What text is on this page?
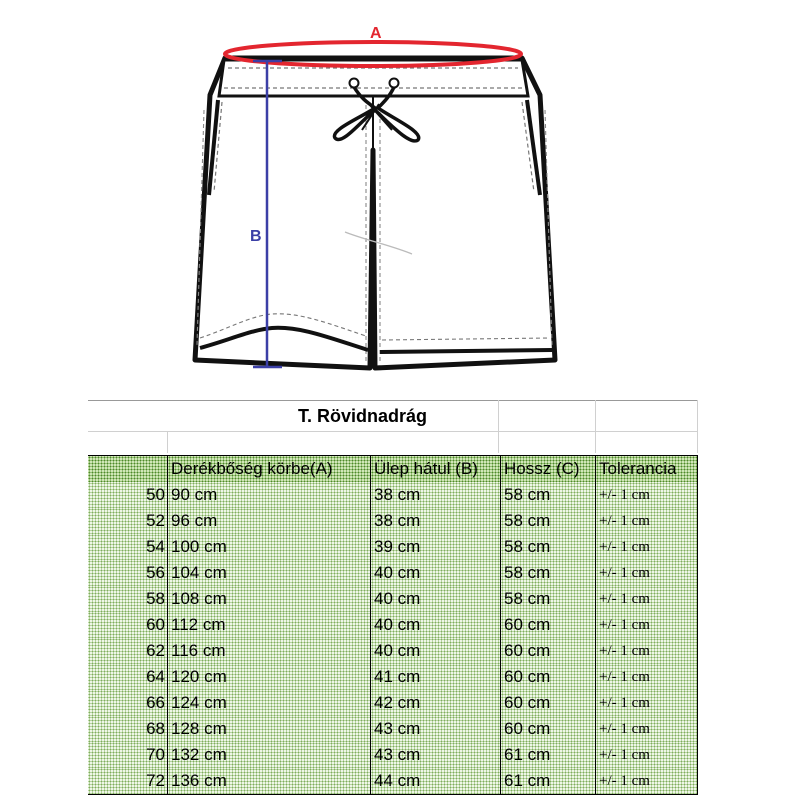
A
B
T. Rövidnadrág
Derékbőség körbe(A)	Ülep hátul (B)	Hossz (C)	Tolerancia
50 90 cm	38 cm	58 cm	+/- 1 cm
52 96 cm	38 cm	58 cm	+/- 1 cm
54 100 cm	39 cm	58 cm	+/- 1 cm
56 104 cm	40 cm	58 cm	+/- 1 cm
58 108 cm	40 cm	58 cm	+/- 1 cm
60 112 cm	40 cm	60 cm	+/- 1 cm
62 116 cm	40 cm	60 cm	+/- 1 cm
64 120 cm	41 cm	60 cm	+/- 1 cm
66 124 cm	42 cm	60 cm	+/- 1 cm
68 128 cm	43 cm	60 cm	+/- 1 cm
70 132 cm	43 cm	61 cm	+/- 1 cm
72 136 cm	44 cm	61 cm	+/- 1 cm
